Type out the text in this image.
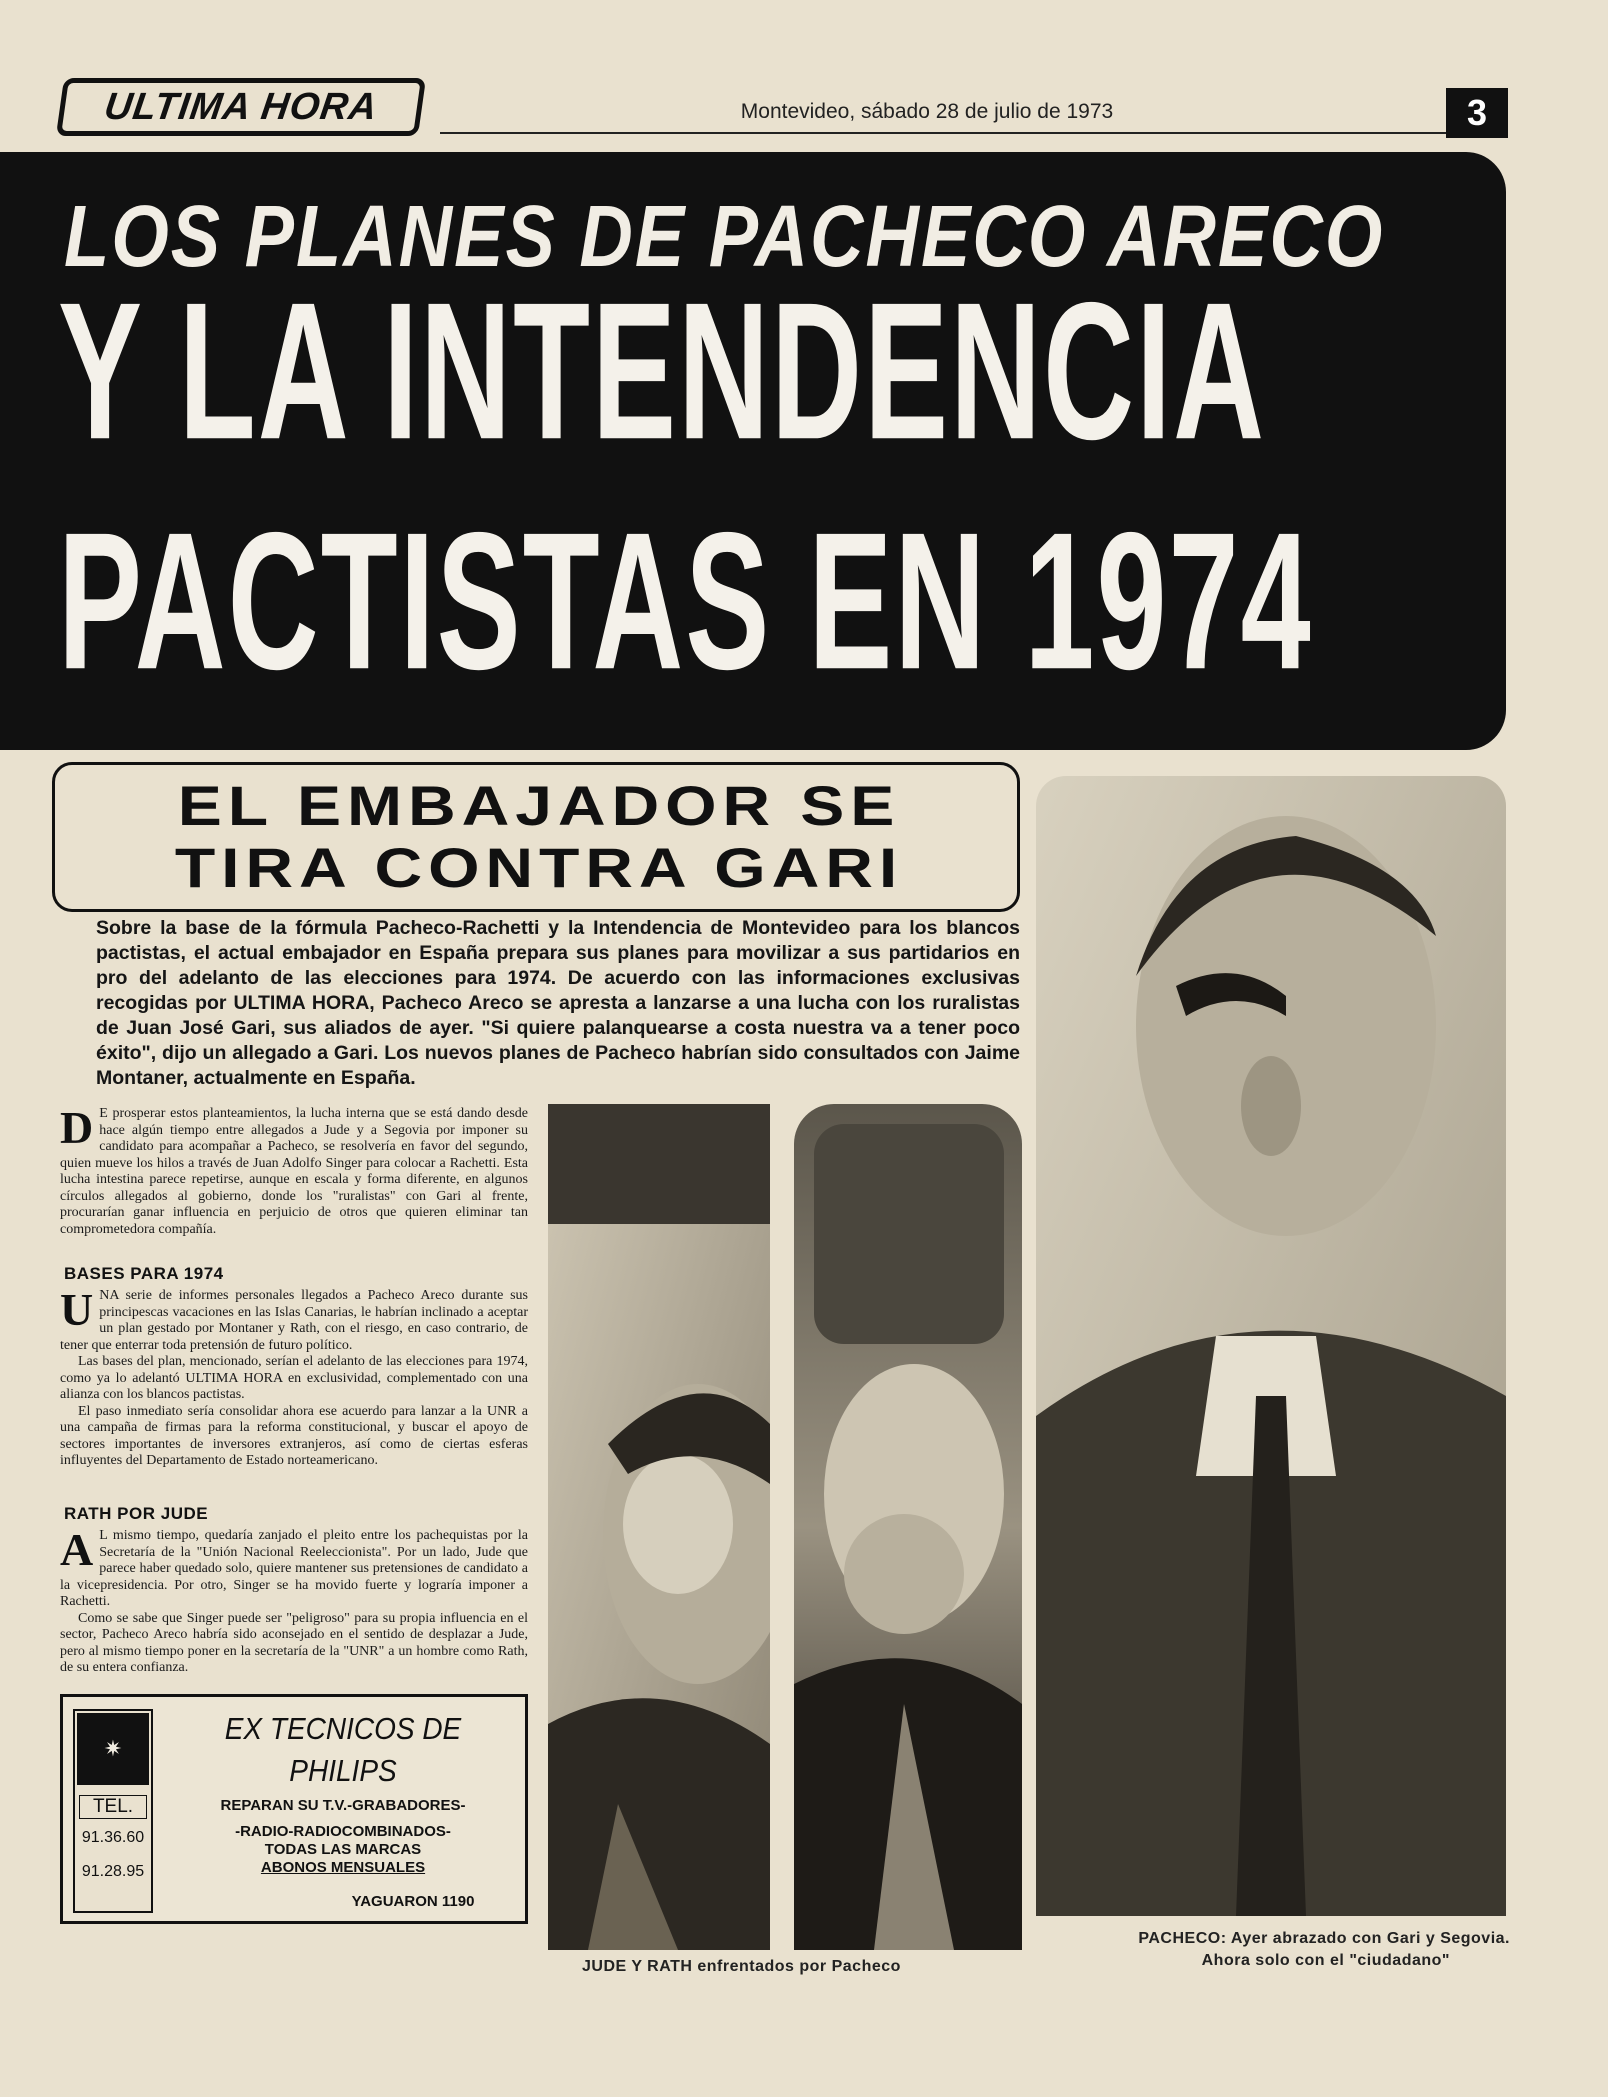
ULTIMA HORA	Montevideo, sábado 28 de julio de 1973	3
LOS PLANES DE PACHECO ARECO
Y LA INTENDENCIA
PACTISTAS EN 1974
EL EMBAJADOR SE
TIRA CONTRA GARI
Sobre la base de la fórmula Pacheco-Rachetti y la Intendencia de Montevideo para los blancos pactistas, el actual embajador en España prepara sus planes para movilizar a sus partidarios en pro del adelanto de las elecciones para 1974. De acuerdo con las informaciones exclusivas recogidas por ULTIMA HORA, Pacheco Areco se apresta a lanzarse a una lucha con los ruralistas de Juan José Gari, sus aliados de ayer. "Si quiere palanquearse a costa nuestra va a tener poco éxito", dijo un allegado a Gari. Los nuevos planes de Pacheco habrían sido consultados con Jaime Montaner, actualmente en España.
D E prosperar estos planteamientos, la lucha interna que se está dando desde hace algún tiempo entre allegados a Jude y a Segovia por imponer su candidato para acompañar a Pacheco, se resolvería en favor del segundo, quien mueve los hilos a través de Juan Adolfo Singer para colocar a Rachetti. Esta lucha intestina parece repetirse, aunque en escala y forma diferente, en algunos círculos allegados al gobierno, donde los "ruralistas" con Gari al frente, procurarían ganar influencia en perjuicio de otros que quieren eliminar tan comprometedora compañía.

BASES PARA 1974
U NA serie de informes personales llegados a Pacheco Areco durante sus principescas vacaciones en las Islas Canarias, le habrían inclinado a aceptar un plan gestado por Montaner y Rath, con el riesgo, en caso contrario, de tener que enterrar toda pretensión de futuro político.

Las bases del plan, mencionado, serían el adelanto de las elecciones para 1974, como ya lo adelantó ULTIMA HORA en exclusividad, complementado con una alianza con los blancos pactistas.

El paso inmediato sería consolidar ahora ese acuerdo para lanzar a la UNR a una campaña de firmas para la reforma constitucional, y buscar el apoyo de sectores importantes de inversores extranjeros, así como de ciertas esferas influyentes del Departamento de Estado norteamericano.

RATH POR JUDE
A L mismo tiempo, quedaría zanjado el pleito entre los pachequistas por la Secretaría de la "Unión Nacional Reeleccionista". Por un lado, Jude que parece haber quedado solo, quiere mantener sus pretensiones de candidato a la vicepresidencia. Por otro, Singer se ha movido fuerte y lograría imponer a Rachetti.

Como se sabe que Singer puede ser "peligroso" para su propia influencia en el sector, Pacheco Areco habría sido aconsejado en el sentido de desplazar a Jude, pero al mismo tiempo poner en la secretaría de la "UNR" a un hombre como Rath, de su entera confianza.

✷
TEL.
91.36.60
91.28.95
EX TECNICOS DE
PHILIPS
REPARAN SU T.V.-GRABADORES-
-RADIO-RADIOCOMBINADOS-
TODAS LAS MARCAS
ABONOS MENSUALES
YAGUARON 1190
JUDE Y RATH enfrentados por Pacheco
PACHECO: Ayer abrazado con Gari y Segovia.
Ahora solo con el "ciudadano"
